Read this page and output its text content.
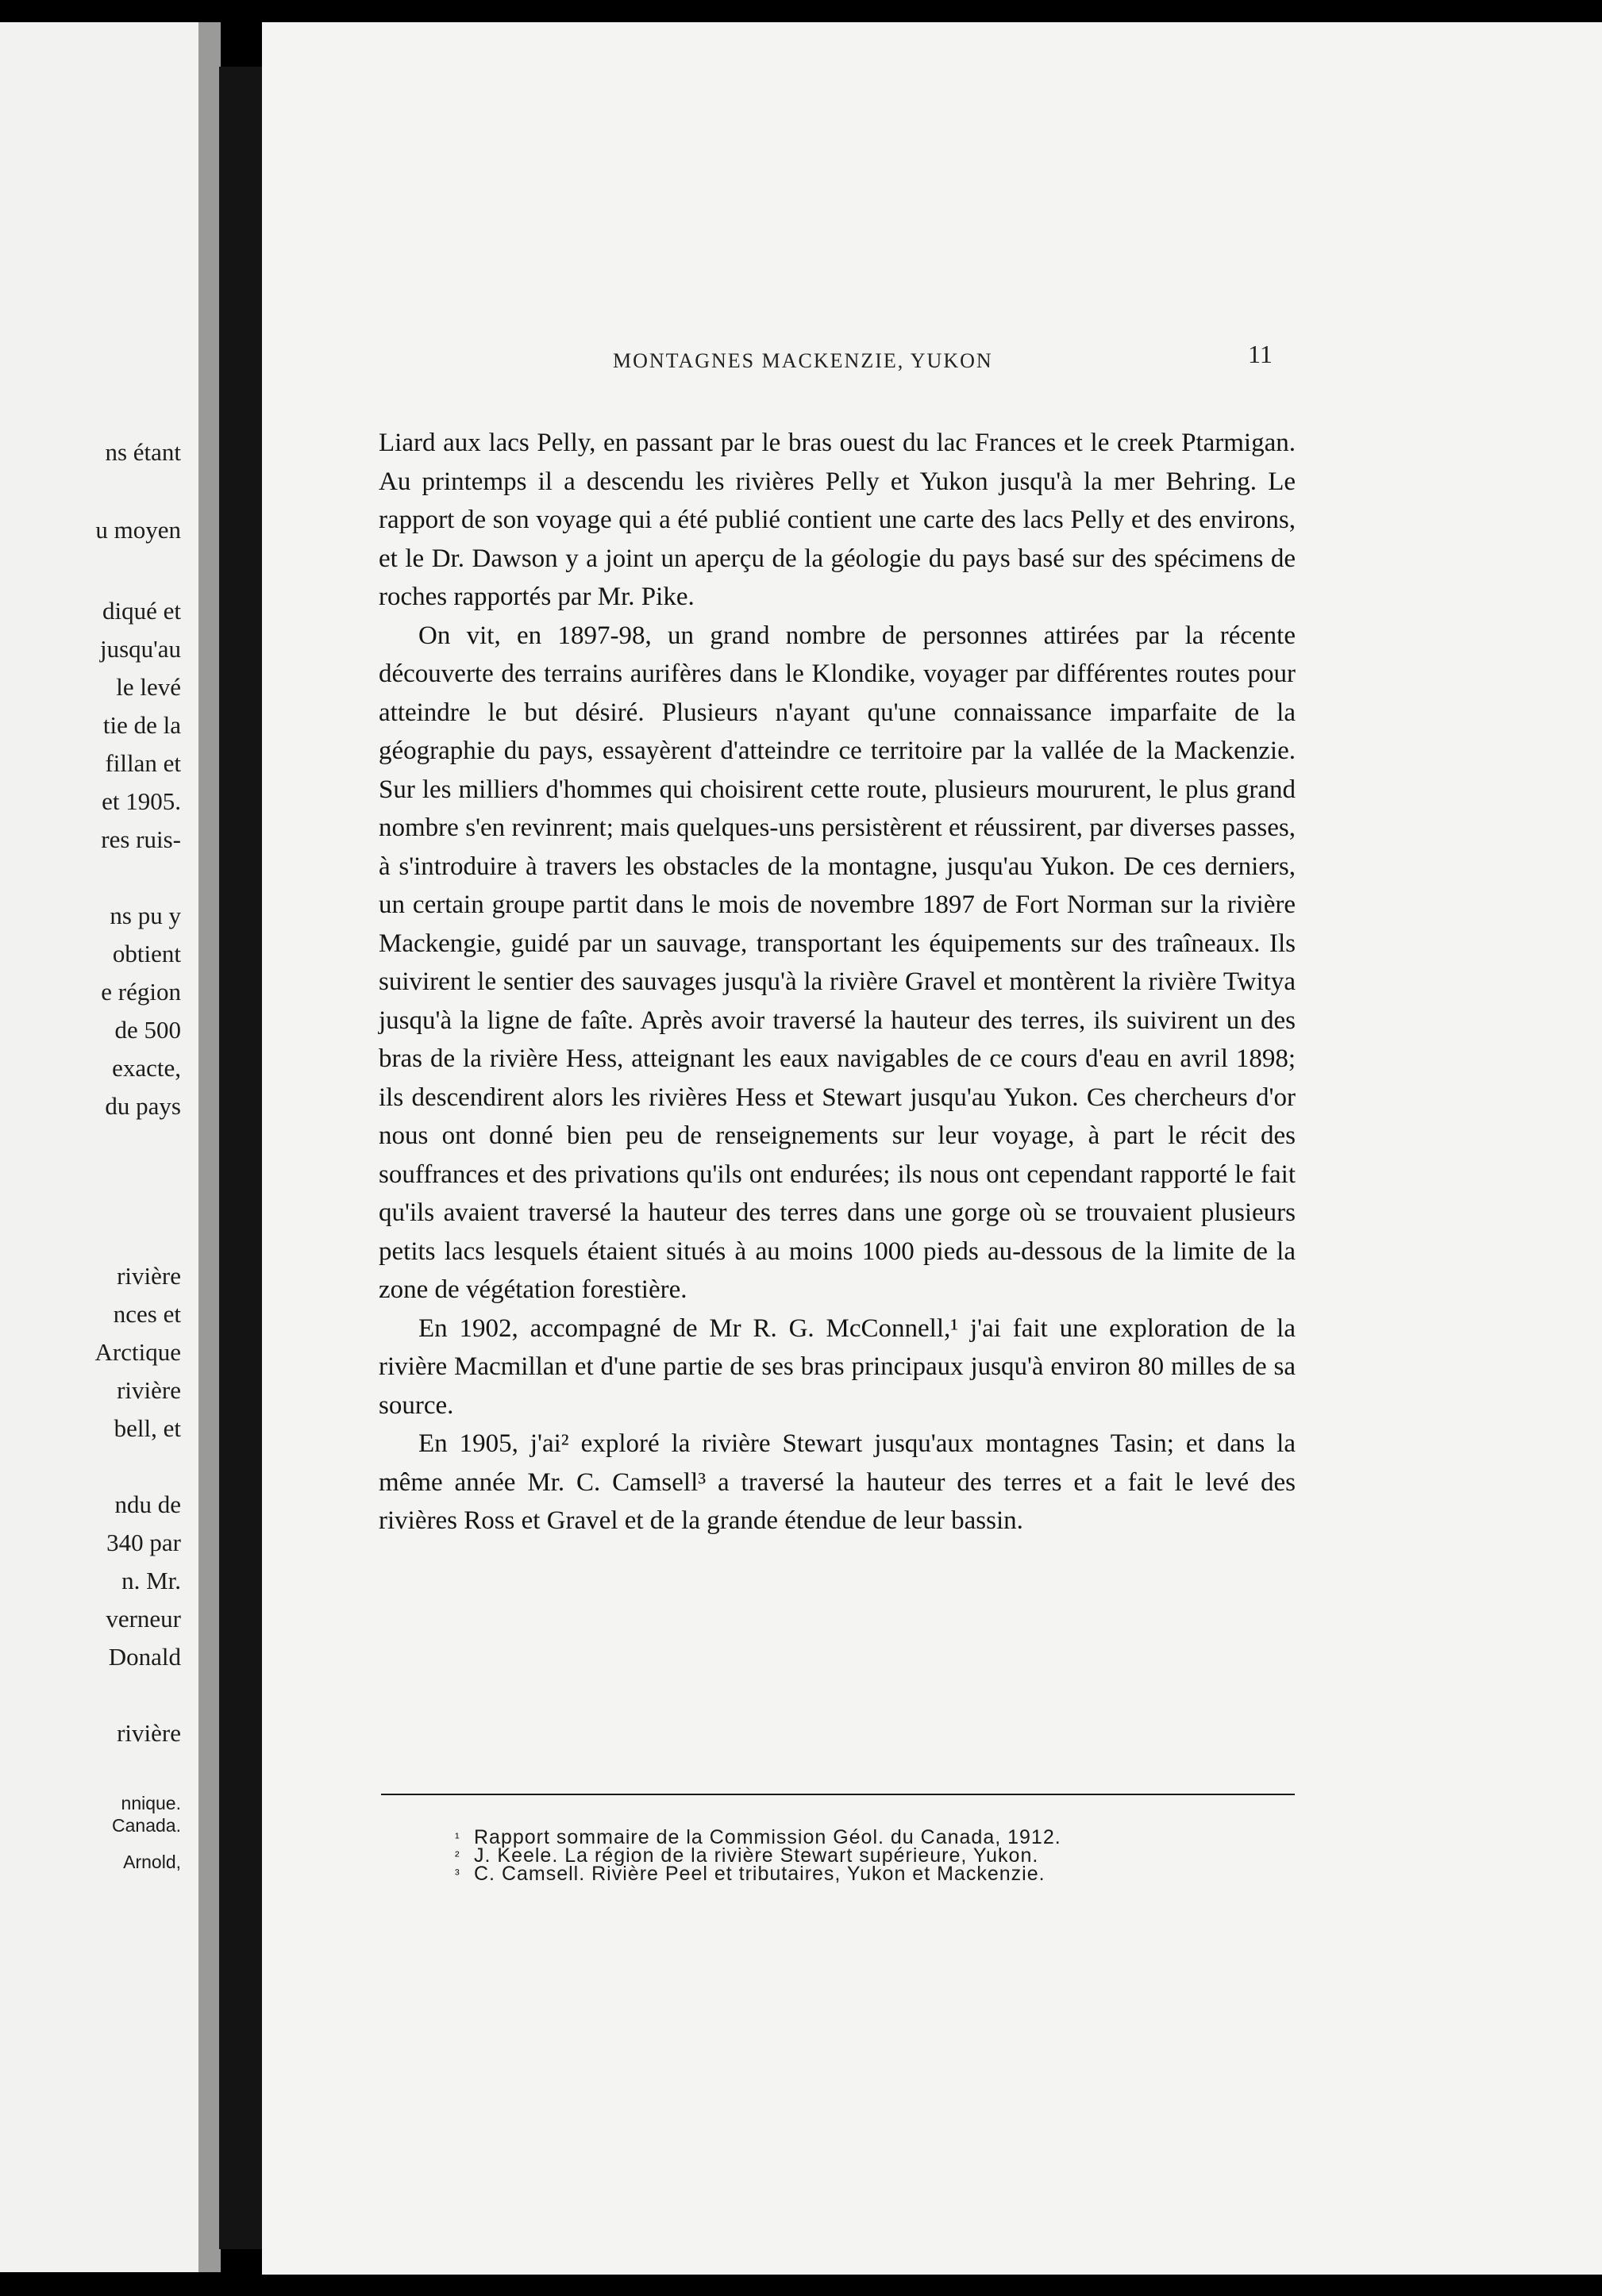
ns étant
u moyen
diqué et
jusqu'au
le levé
tie de la
fillan et
et 1905.
res ruis-
ns pu y
obtient
e région
de 500
exacte,
du pays
rivière
nces et
Arctique
rivière
bell, et
ndu de
340 par
n. Mr.
verneur
Donald
rivière
nnique.
Canada.
Arnold,
MONTAGNES MACKENZIE, YUKON	11

Liard aux lacs Pelly, en passant par le bras ouest du lac Frances et le creek Ptarmigan. Au printemps il a descendu les rivières Pelly et Yukon jusqu'à la mer Behring. Le rapport de son voyage qui a été publié contient une carte des lacs Pelly et des environs, et le Dr. Dawson y a joint un aperçu de la géologie du pays basé sur des spécimens de roches rapportés par Mr. Pike.

On vit, en 1897-98, un grand nombre de personnes attirées par la récente découverte des terrains aurifères dans le Klondike, voyager par différentes routes pour atteindre le but désiré. Plusieurs n'ayant qu'une connaissance imparfaite de la géographie du pays, essayèrent d'atteindre ce territoire par la vallée de la Mackenzie. Sur les milliers d'hommes qui choisirent cette route, plusieurs moururent, le plus grand nombre s'en revinrent; mais quelques-uns persistèrent et réussirent, par diverses passes, à s'introduire à travers les obstacles de la montagne, jusqu'au Yukon. De ces derniers, un certain groupe partit dans le mois de novembre 1897 de Fort Norman sur la rivière Mackengie, guidé par un sauvage, transportant les équipements sur des traîneaux. Ils suivirent le sentier des sauvages jusqu'à la rivière Gravel et montèrent la rivière Twitya jusqu'à la ligne de faîte. Après avoir traversé la hauteur des terres, ils suivirent un des bras de la rivière Hess, atteignant les eaux navigables de ce cours d'eau en avril 1898; ils descendirent alors les rivières Hess et Stewart jusqu'au Yukon. Ces chercheurs d'or nous ont donné bien peu de renseignements sur leur voyage, à part le récit des souffrances et des privations qu'ils ont endurées; ils nous ont cependant rapporté le fait qu'ils avaient traversé la hauteur des terres dans une gorge où se trouvaient plusieurs petits lacs lesquels étaient situés à au moins 1000 pieds au-dessous de la limite de la zone de végétation forestière.

En 1902, accompagné de Mr R. G. McConnell,¹ j'ai fait une exploration de la rivière Macmillan et d'une partie de ses bras principaux jusqu'à environ 80 milles de sa source.

En 1905, j'ai² exploré la rivière Stewart jusqu'aux montagnes Tasin; et dans la même année Mr. C. Camsell³ a traversé la hauteur des terres et a fait le levé des rivières Ross et Gravel et de la grande étendue de leur bassin.

¹ Rapport sommaire de la Commission Géol. du Canada, 1912.
² J. Keele. La région de la rivière Stewart supérieure, Yukon.
³ C. Camsell. Rivière Peel et tributaires, Yukon et Mackenzie.
